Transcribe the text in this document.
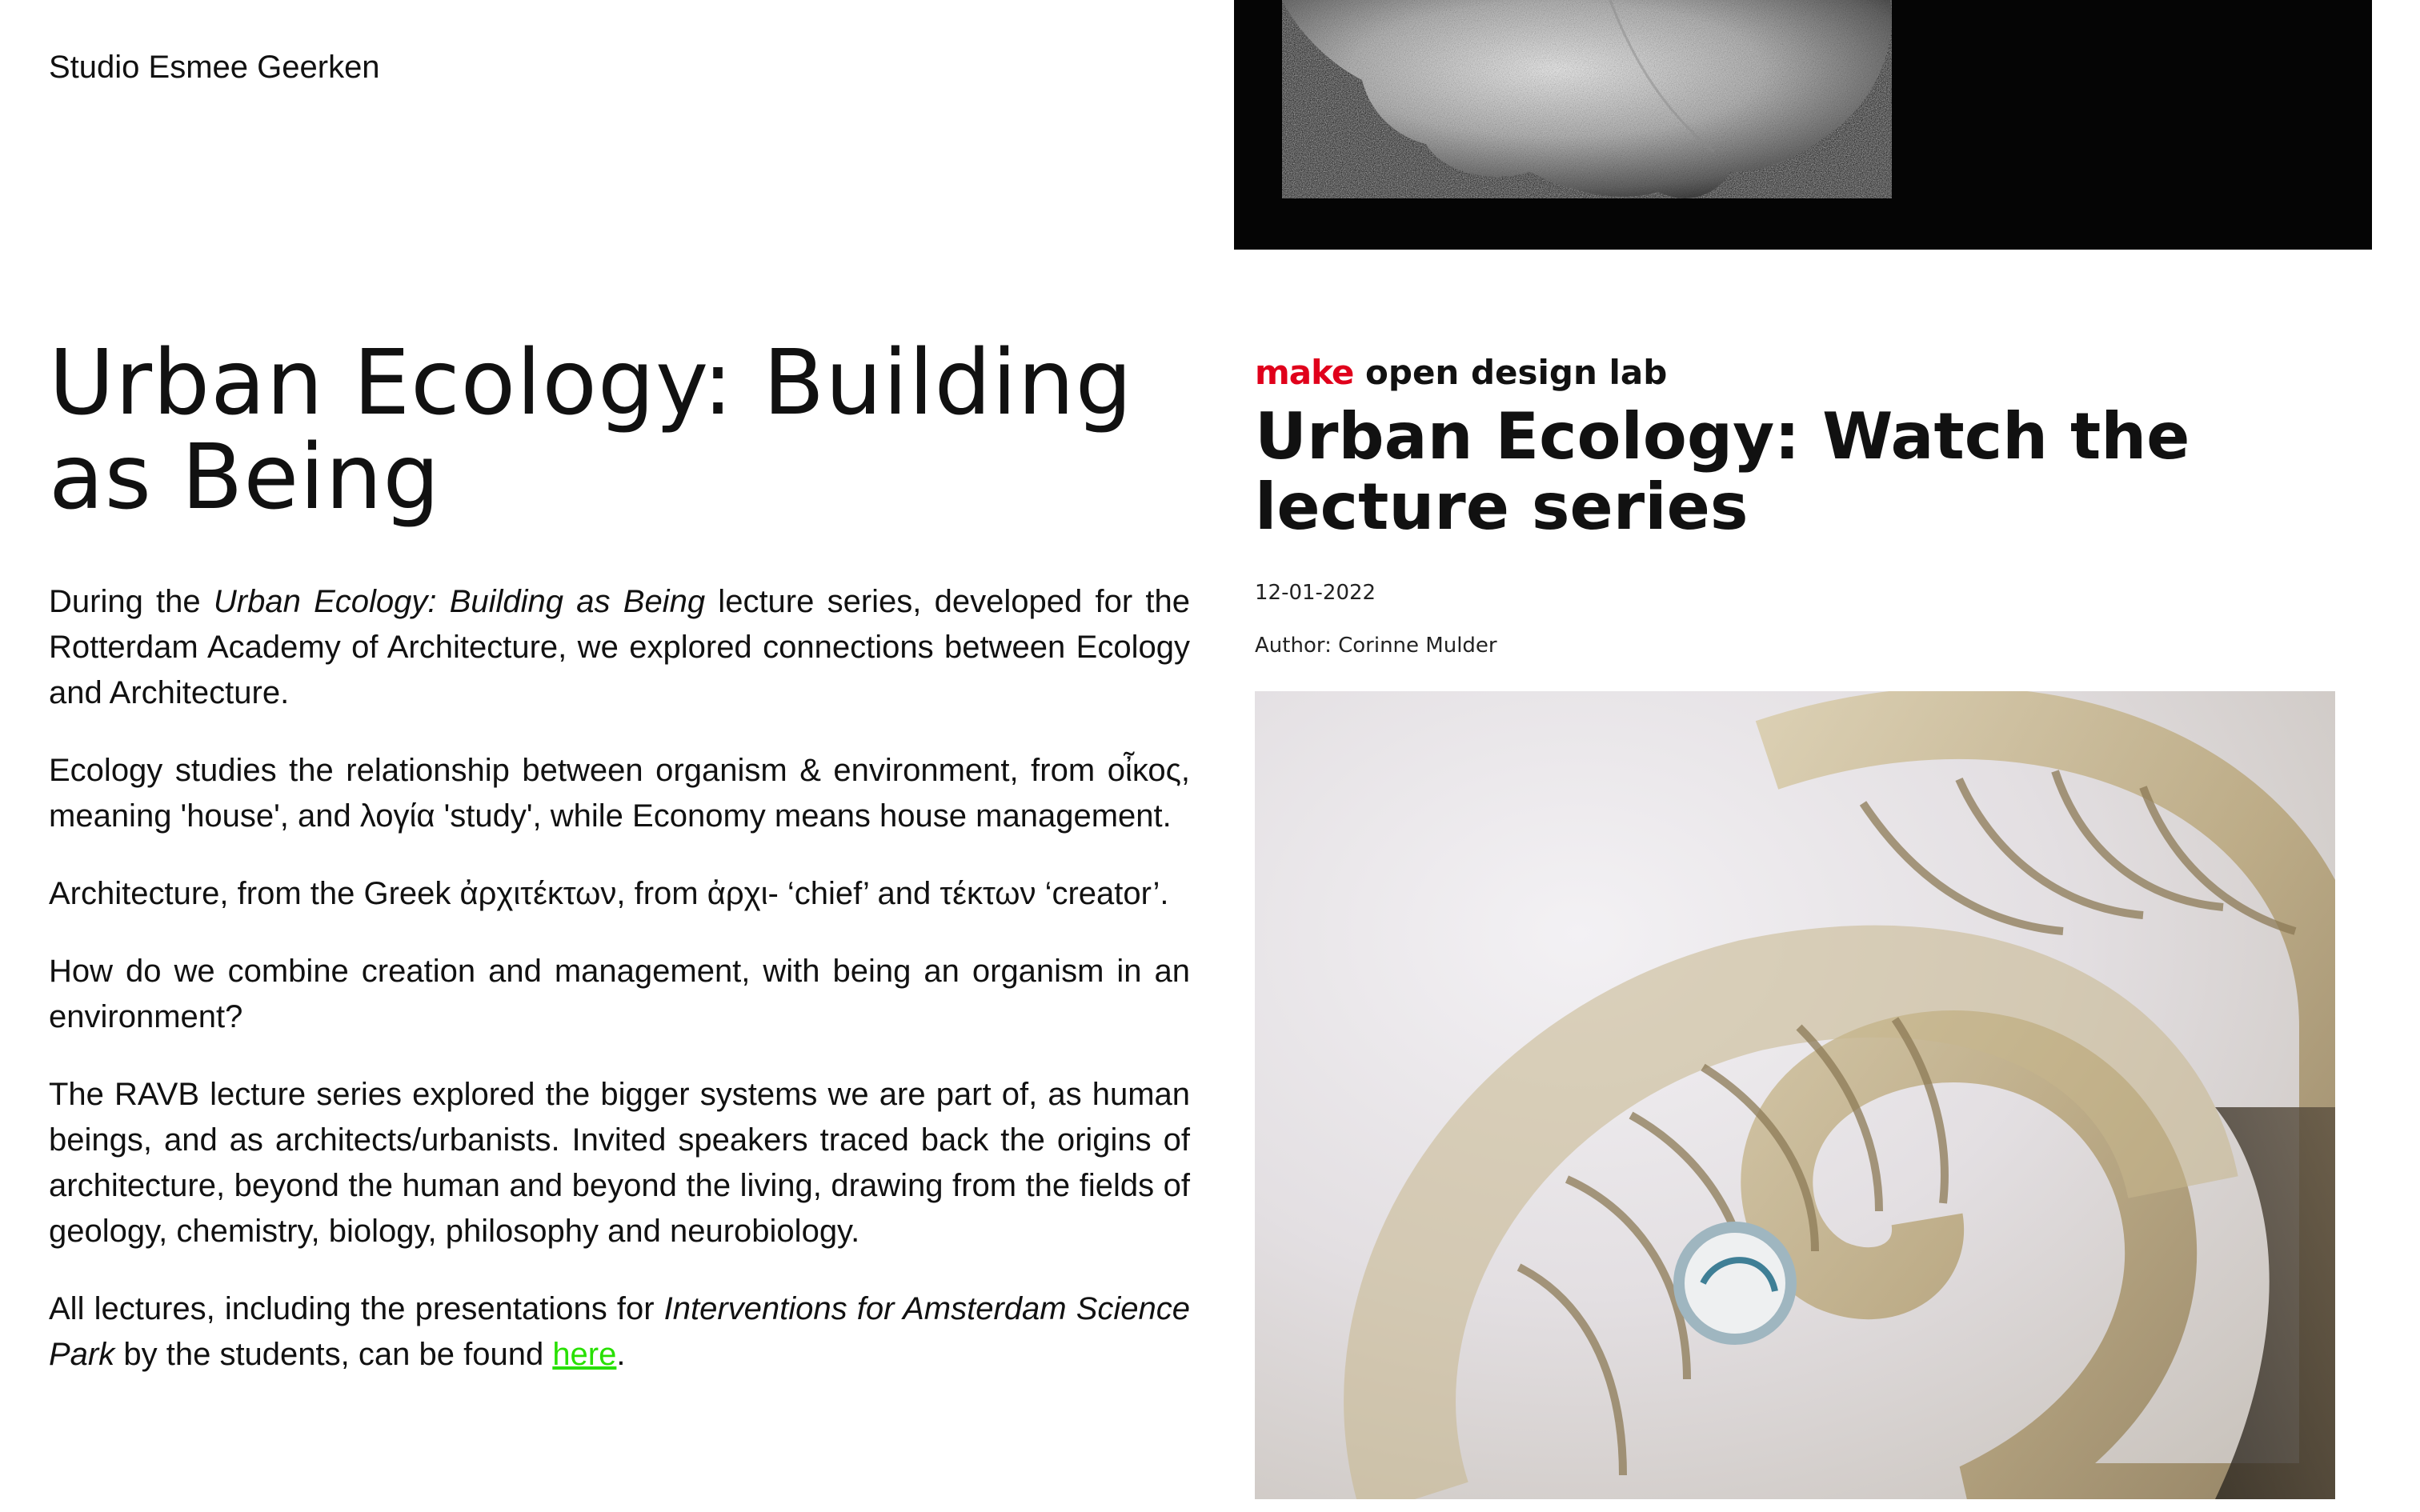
Studio Esmee Geerken
Urban Ecology: Building as Being

During the Urban Ecology: Building as Being lecture series, developed for the Rotterdam Academy of Architecture, we explored connections between Ecology and Architecture.

Ecology studies the relationship between organism & environment, from οἶκος, meaning 'house', and λογία 'study', while Economy means house management.

Architecture, from the Greek ἀρχιτέκτων, from ἀρχι- ‘chief’ and τέκτων ‘creator’.

How do we combine creation and management, with being an organism in an environment?

The RAVB lecture series explored the bigger systems we are part of, as human beings, and as architects/urbanists. Invited speakers traced back the origins of architecture, beyond the human and beyond the living, drawing from the fields of geology, chemistry, biology, philosophy and neurobiology.

All lectures, including the presentations for Interventions for Amsterdam Science Park by the students, can be found here.

make open design lab
Urban Ecology: Watch the lecture series
12-01-2022
Author: Corinne Mulder
